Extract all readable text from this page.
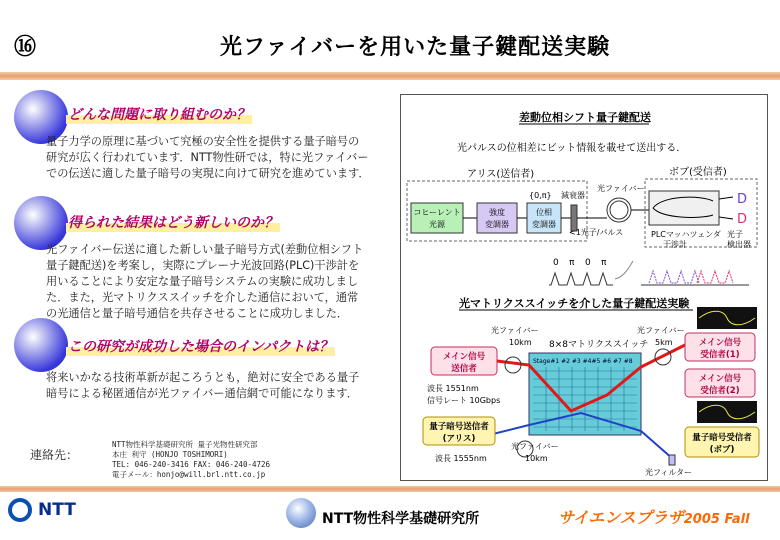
⑯	光ファイバーを用いた量子鍵配送実験
どんな問題に取り組むのか？
量子力学の原理に基づいて究極の安全性を提供する量子暗号の
研究が広く行われています．NTT物性研では，特に光ファイバー
での伝送に適した量子暗号の実現に向けて研究を進めています．
得られた結果はどう新しいのか？
光ファイバー伝送に適した新しい量子暗号方式(差動位相シフト
量子鍵配送)を考案し，実際にプレーナ光波回路(PLC)干渉計を
用いることにより安定な量子暗号システムの実験に成功しまし
た．また，光マトリクススイッチを介した通信において，通常
の光通信と量子暗号通信を共存させることに成功しました．
この研究が成功した場合のインパクトは？
将来いかなる技術革新が起ころうとも，絶対に安全である量子
暗号による秘匿通信が光ファイバー通信網で可能になります．
連絡先：
NTT物性科学基礎研究所 量子光物性研究部
本庄 利守 (HONJO TOSHIMORI)
TEL: 046-240-3416 FAX: 046-240-4726
電子メール：honjo@will.brl.ntt.co.jp
差動位相シフト量子鍵配送
光パルスの位相差にビット情報を載せて送出する．
アリス(送信者)	ボブ(受信者)
コヒーレント
光源
強度
変調器
位相
変調器
{0,π} 減衰器
<1光子/パルス
光ファイバー
PLCマッハツェンダ
干渉計
D
D
光子
検出器
0 π 0 π
光マトリクススイッチを介した量子鍵配送実験
光ファイバー
10km 8×8マトリクススイッチ
光ファイバー
5km
メイン信号
送信者
波長 1551nm
信号レート 10Gbps
Stage#1 #2 #3 #4#5 #6 #7 #8
メイン信号
受信者(1)
メイン信号
受信者(2)
量子暗号送信者
(アリス)
波長 1555nm
光ファイバー
10km
量子暗号受信者
(ボブ)
光フィルター
NTT	NTT物性科学基礎研究所	サイエンスプラザ2005 Fall
